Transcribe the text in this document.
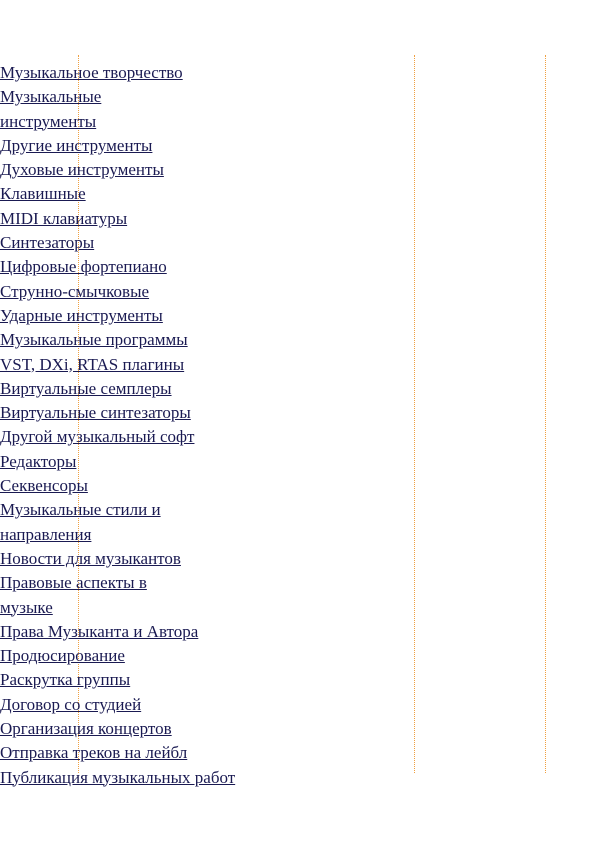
Музыкальное творчество
Музыкальные инструменты
Другие инструменты
Духовые инструменты
Клавишные
MIDI клавиатуры
Синтезаторы
Цифровые фортепиано
Струнно-смычковые
Ударные инструменты
Музыкальные программы
VST, DXi, RTAS плагины
Виртуальные семплеры
Виртуальные синтезаторы
Другой музыкальный софт
Редакторы
Секвенсоры
Музыкальные стили и направления
Новости для музыкантов
Правовые аспекты в музыке
Права Музыканта и Автора
Продюсирование
Раскрутка группы
Договор со студией
Организация концертов
Отправка треков на лейбл
Публикация музыкальных работ
